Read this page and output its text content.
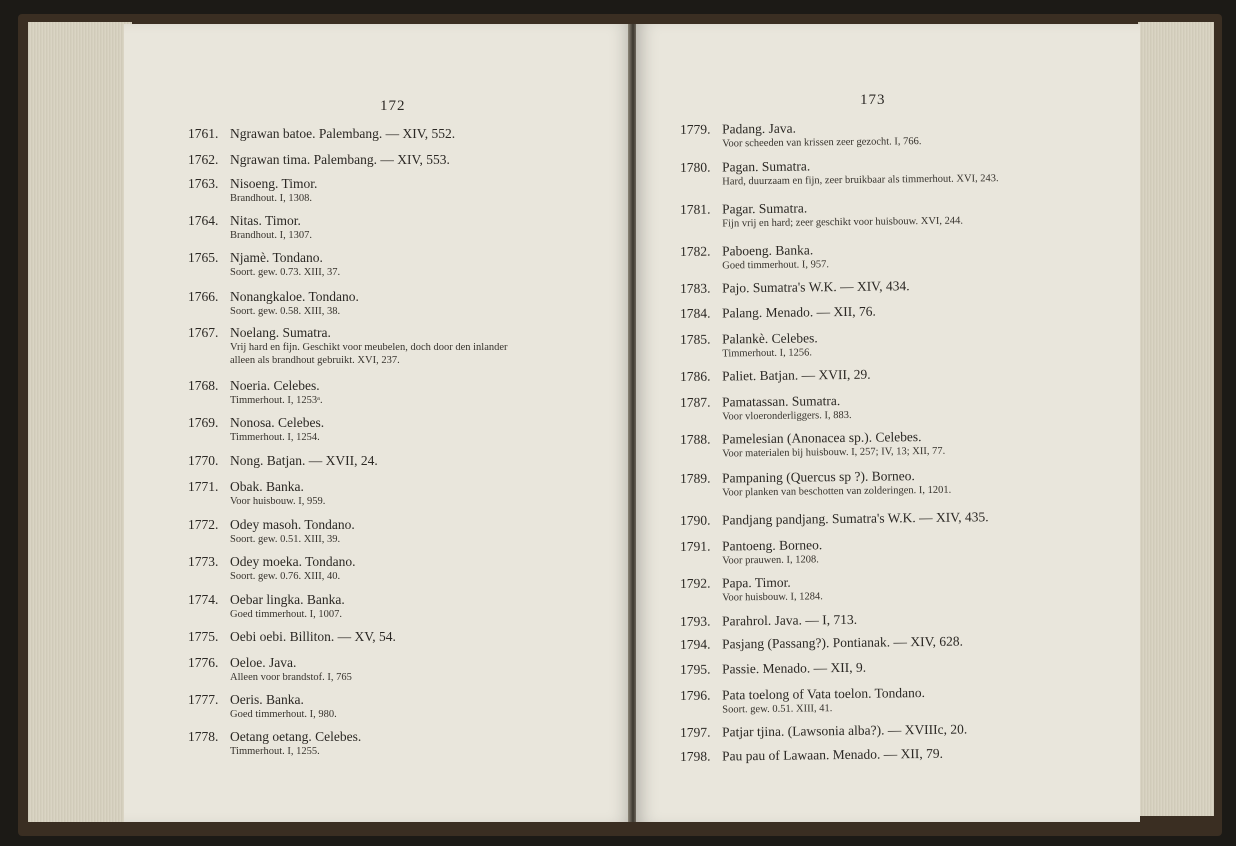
172
1761. Ngrawan batoe. Palembang. — XIV, 552.
1762. Ngrawan tima. Palembang. — XIV, 553.
1763. Nisoeng. Timor.
Brandhout. I, 1308.
1764. Nitas. Timor.
Brandhout. I, 1307.
1765. Njamè. Tondano.
Soort. gew. 0.73. XIII, 37.
1766. Nonangkaloe. Tondano.
Soort. gew. 0.58. XIII, 38.
1767. Noelang. Sumatra.
Vrij hard en fijn. Geschikt voor meubelen, doch door den inlander
alleen als brandhout gebruikt. XVI, 237.
1768. Noeria. Celebes.
Timmerhout. I, 1253ᵃ.
1769. Nonosa. Celebes.
Timmerhout. I, 1254.
1770. Nong. Batjan. — XVII, 24.
1771. Obak. Banka.
Voor huisbouw. I, 959.
1772. Odey masoh. Tondano.
Soort. gew. 0.51. XIII, 39.
1773. Odey moeka. Tondano.
Soort. gew. 0.76. XIII, 40.
1774. Oebar lingka. Banka.
Goed timmerhout. I, 1007.
1775. Oebi oebi. Billiton. — XV, 54.
1776. Oeloe. Java.
Alleen voor brandstof. I, 765
1777. Oeris. Banka.
Goed timmerhout. I, 980.
1778. Oetang oetang. Celebes.
Timmerhout. I, 1255.
173
1779. Padang. Java.
Voor scheeden van krissen zeer gezocht. I, 766.
1780. Pagan. Sumatra.
Hard, duurzaam en fijn, zeer bruikbaar als timmerhout. XVI, 243.
1781. Pagar. Sumatra.
Fijn vrij en hard; zeer geschikt voor huisbouw. XVI, 244.
1782. Paboeng. Banka.
Goed timmerhout. I, 957.
1783. Pajo. Sumatra's W.K. — XIV, 434.
1784. Palang. Menado. — XII, 76.
1785. Palankè. Celebes.
Timmerhout. I, 1256.
1786. Paliet. Batjan. — XVII, 29.
1787. Pamatassan. Sumatra.
Voor vloeronderliggers. I, 883.
1788. Pamelesian (Anonacea sp.). Celebes.
Voor materialen bij huisbouw. I, 257; IV, 13; XII, 77.
1789. Pampaning (Quercus sp ?). Borneo.
Voor planken van beschotten van zolderingen. I, 1201.
1790. Pandjang pandjang. Sumatra's W.K. — XIV, 435.
1791. Pantoeng. Borneo.
Voor prauwen. I, 1208.
1792. Papa. Timor.
Voor huisbouw. I, 1284.
1793. Parahrol. Java. — I, 713.
1794. Pasjang (Passang?). Pontianak. — XIV, 628.
1795. Passie. Menado. — XII, 9.
1796. Pata toelong of Vata toelon. Tondano.
Soort. gew. 0.51. XIII, 41.
1797. Patjar tjina. (Lawsonia alba?). — XVIIIc, 20.
1798. Pau pau of Lawaan. Menado. — XII, 79.
